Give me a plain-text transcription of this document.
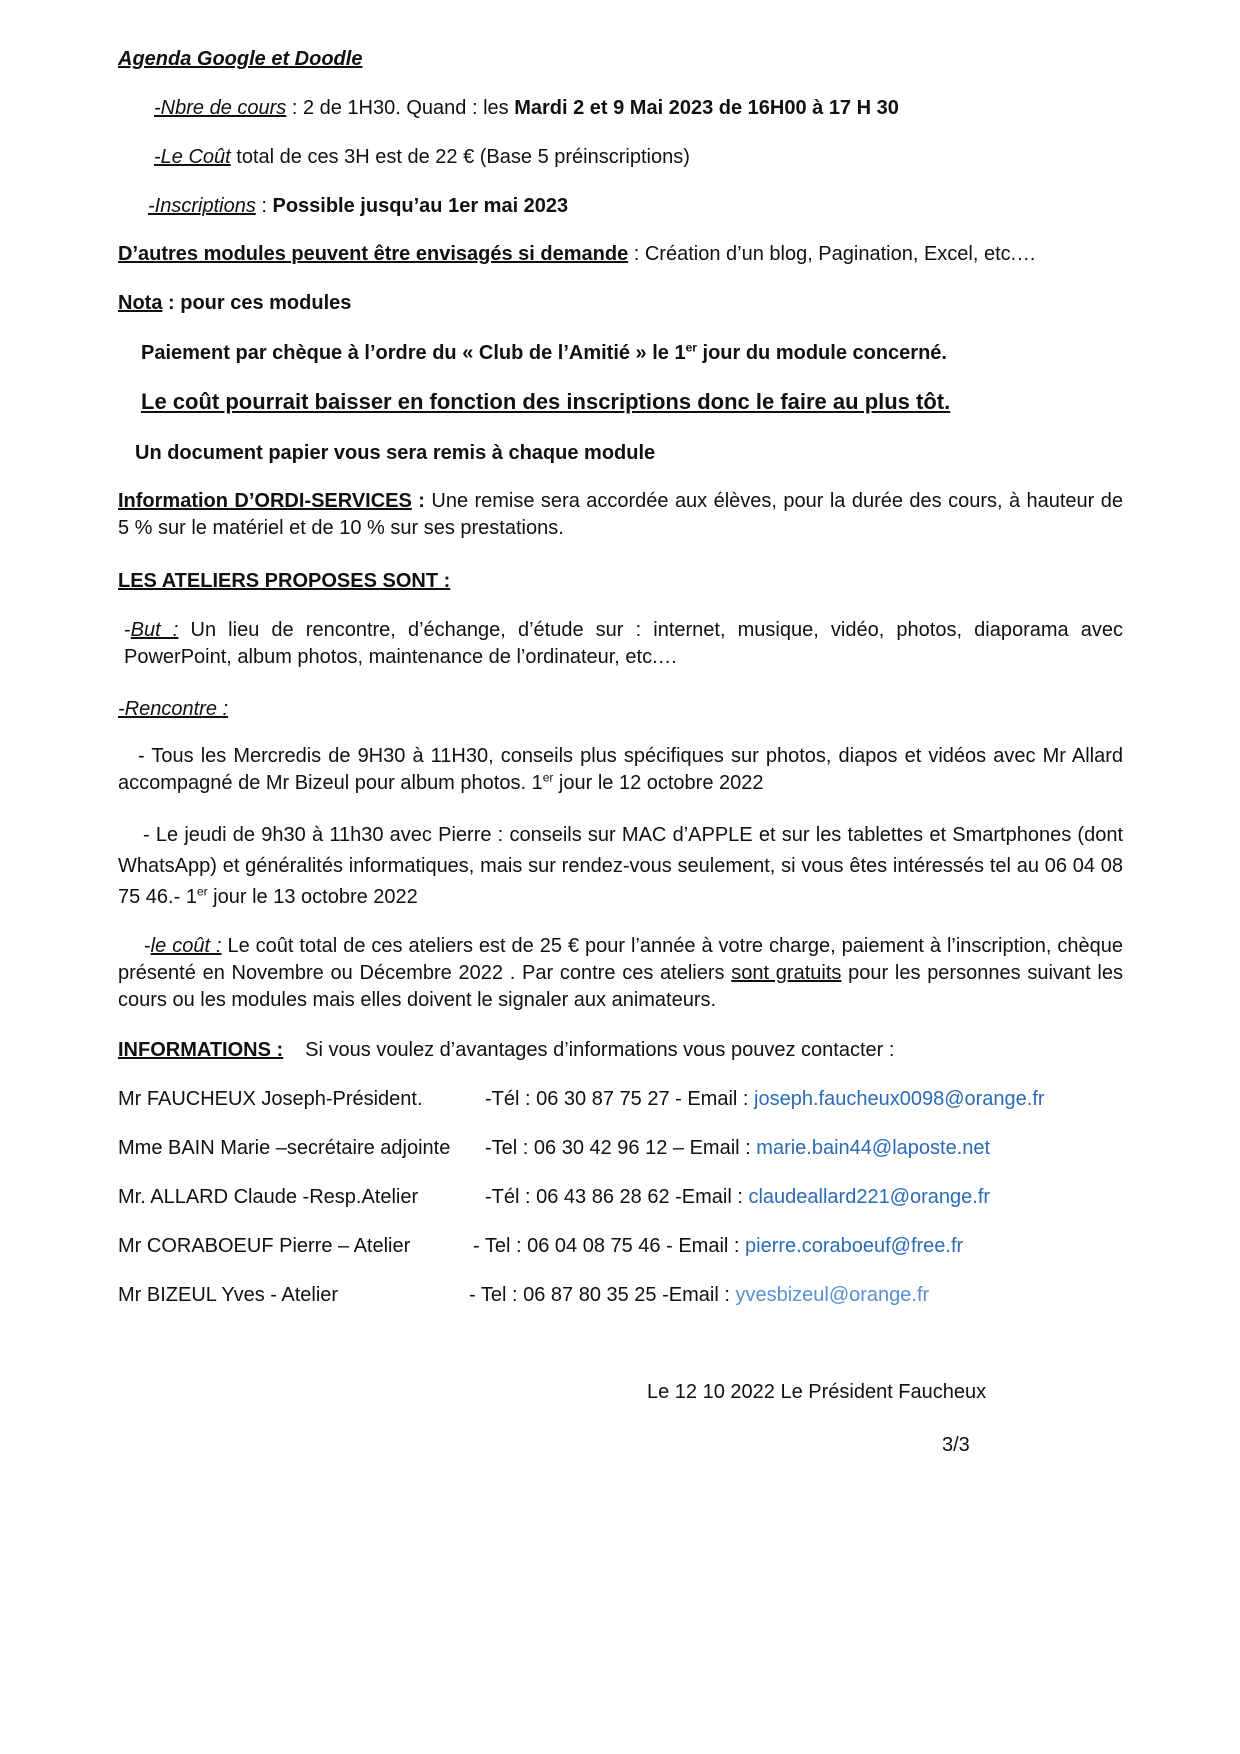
Agenda Google et Doodle
-Nbre de cours : 2 de 1H30. Quand : les Mardi 2 et 9 Mai 2023 de 16H00 à 17 H 30
-Le Coût total de ces 3H est de 22 € (Base 5 préinscriptions)
-Inscriptions : Possible jusqu’au 1er mai 2023
D’autres modules peuvent être envisagés si demande : Création d’un blog, Pagination, Excel, etc.…
Nota : pour ces modules
Paiement par chèque à l’ordre du « Club de l’Amitié » le 1er jour du module concerné.
Le coût pourrait baisser en fonction des inscriptions donc le faire au plus tôt.
Un document papier vous sera remis à chaque module
Information D’ORDI-SERVICES : Une remise sera accordée aux élèves, pour la durée des cours, à hauteur de 5 % sur le matériel et de 10 % sur ses prestations.
LES ATELIERS PROPOSES SONT :
-But : Un lieu de rencontre, d’échange, d’étude sur : internet, musique, vidéo, photos, diaporama avec PowerPoint, album photos, maintenance de l’ordinateur, etc.…
-Rencontre :
- Tous les Mercredis de 9H30 à 11H30, conseils plus spécifiques sur photos, diapos et vidéos avec Mr Allard accompagné de Mr Bizeul pour album photos. 1er jour le 12 octobre 2022
- Le jeudi de 9h30 à 11h30 avec Pierre : conseils sur MAC d’APPLE et sur les tablettes et Smartphones (dont WhatsApp) et généralités informatiques, mais sur rendez-vous seulement, si vous êtes intéressés tel au 06 04 08 75 46.- 1er jour le 13 octobre 2022
-le coût : Le coût total de ces ateliers est de 25 € pour l’année à votre charge, paiement à l’inscription, chèque présenté en Novembre ou Décembre 2022 . Par contre ces ateliers sont gratuits pour les personnes suivant les cours ou les modules mais elles doivent le signaler aux animateurs.
INFORMATIONS : Si vous voulez d’avantages d’informations vous pouvez contacter :
Mr FAUCHEUX Joseph-Président.	-Tél : 06 30 87 75 27 - Email : joseph.faucheux0098@orange.fr
Mme BAIN Marie –secrétaire adjointe -Tel : 06 30 42 96 12 – Email : marie.bain44@laposte.net
Mr. ALLARD Claude -Resp.Atelier	-Tél : 06 43 86 28 62 -Email : claudeallard221@orange.fr
Mr CORABOEUF Pierre – Atelier	- Tel : 06 04 08 75 46 - Email : pierre.coraboeuf@free.fr
Mr BIZEUL Yves - Atelier	- Tel : 06 87 80 35 25 -Email : yvesbizeul@orange.fr
Le 12 10 2022 Le Président Faucheux
3/3
